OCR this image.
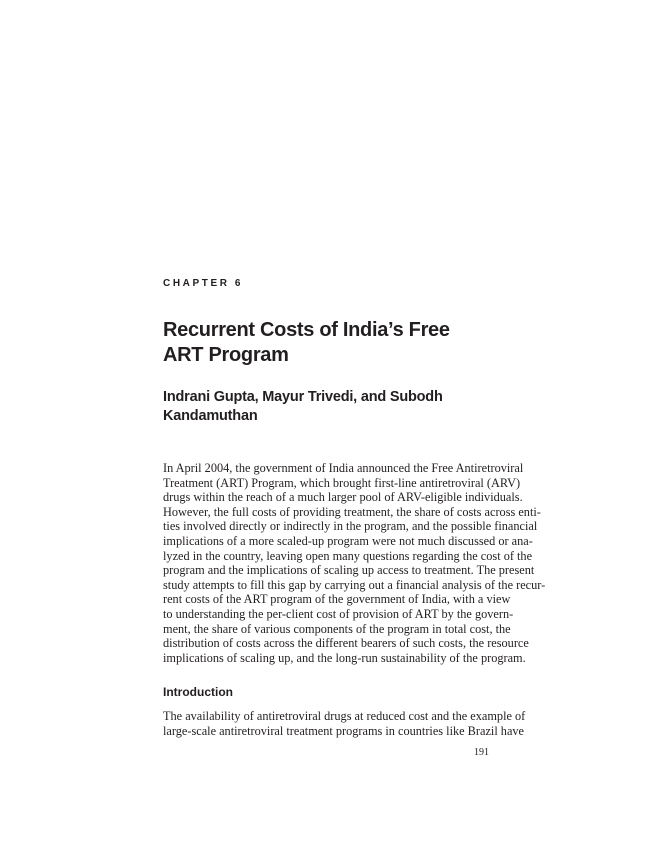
CHAPTER 6
Recurrent Costs of India’s Free
ART Program
Indrani Gupta, Mayur Trivedi, and Subodh
Kandamuthan
In April 2004, the government of India announced the Free Antiretroviral
Treatment (ART) Program, which brought first-line antiretroviral (ARV)
drugs within the reach of a much larger pool of ARV-eligible individuals.
However, the full costs of providing treatment, the share of costs across enti-
ties involved directly or indirectly in the program, and the possible financial
implications of a more scaled-up program were not much discussed or ana-
lyzed in the country, leaving open many questions regarding the cost of the
program and the implications of scaling up access to treatment. The present
study attempts to fill this gap by carrying out a financial analysis of the recur-
rent costs of the ART program of the government of India, with a view
to understanding the per-client cost of provision of ART by the govern-
ment, the share of various components of the program in total cost, the
distribution of costs across the different bearers of such costs, the resource
implications of scaling up, and the long-run sustainability of the program.
Introduction
The availability of antiretroviral drugs at reduced cost and the example of
large-scale antiretroviral treatment programs in countries like Brazil have
191
